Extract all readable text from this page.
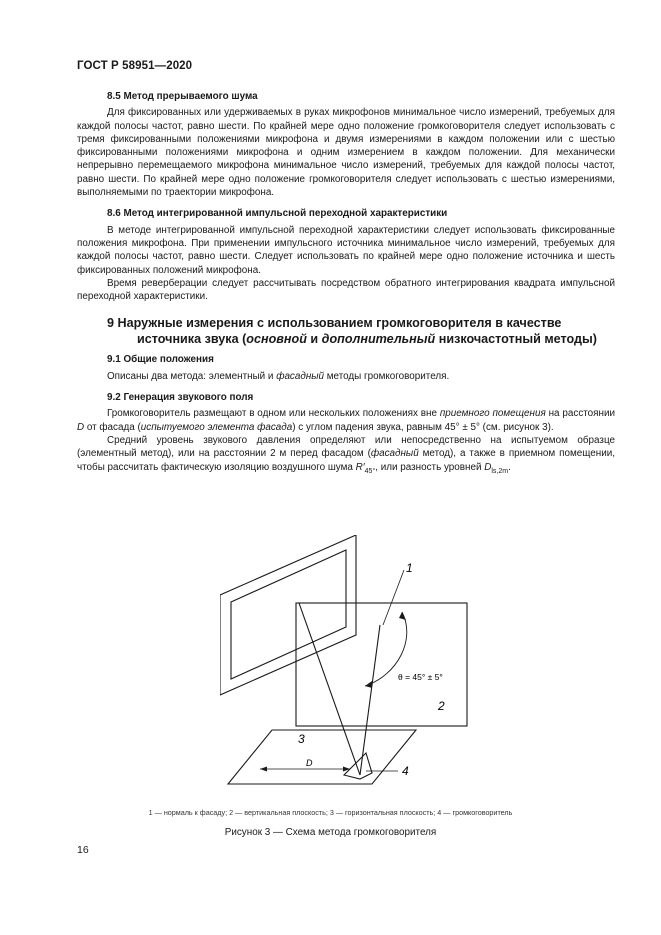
ГОСТ Р 58951—2020
8.5 Метод прерываемого шума
Для фиксированных или удерживаемых в руках микрофонов минимальное число измерений, требуемых для каждой полосы частот, равно шести. По крайней мере одно положение громкоговорителя следует использовать с тремя фиксированными положениями микрофона и двумя измерениями в каждом положении или с шестью фиксированными положениями микрофона и одним измерением в каждом положении. Для механически непрерывно перемещаемого микрофона минимальное число измерений, требуемых для каждой полосы частот, равно шести. По крайней мере одно положение громкоговорителя следует использовать с шестью измерениями, выполняемыми по траектории микрофона.
8.6 Метод интегрированной импульсной переходной характеристики
В методе интегрированной импульсной переходной характеристики следует использовать фиксированные положения микрофона. При применении импульсного источника минимальное число измерений, требуемых для каждой полосы частот, равно шести. Следует использовать по крайней мере одно положение источника и шесть фиксированных положений микрофона.
Время реверберации следует рассчитывать посредством обратного интегрирования квадрата импульсной переходной характеристики.
9 Наружные измерения с использованием громкоговорителя в качестве
источника звука (основной и дополнительный низкочастотный методы)
9.1 Общие положения
Описаны два метода: элементный и фасадный методы громкоговорителя.
9.2 Генерация звукового поля
Громкоговоритель размещают в одном или нескольких положениях вне приемного помещения на расстоянии D от фасада (испытуемого элемента фасада) с углом падения звука, равным 45° ± 5° (см. рисунок 3).
Средний уровень звукового давления определяют или непосредственно на испытуемом образце (элементный метод), или на расстоянии 2 м перед фасадом (фасадный метод), а также в приемном помещении, чтобы рассчитать фактическую изоляцию воздушного шума $R'_{45^\circ}$, или разность уровней $D_{ls,2m}$.
1
2
3
4
D
θ = 45° ± 5°
1 — нормаль к фасаду; 2 — вертикальная плоскость; 3 — горизонтальная плоскость; 4 — громкоговоритель
Рисунок 3 — Схема метода громкоговорителя
16
